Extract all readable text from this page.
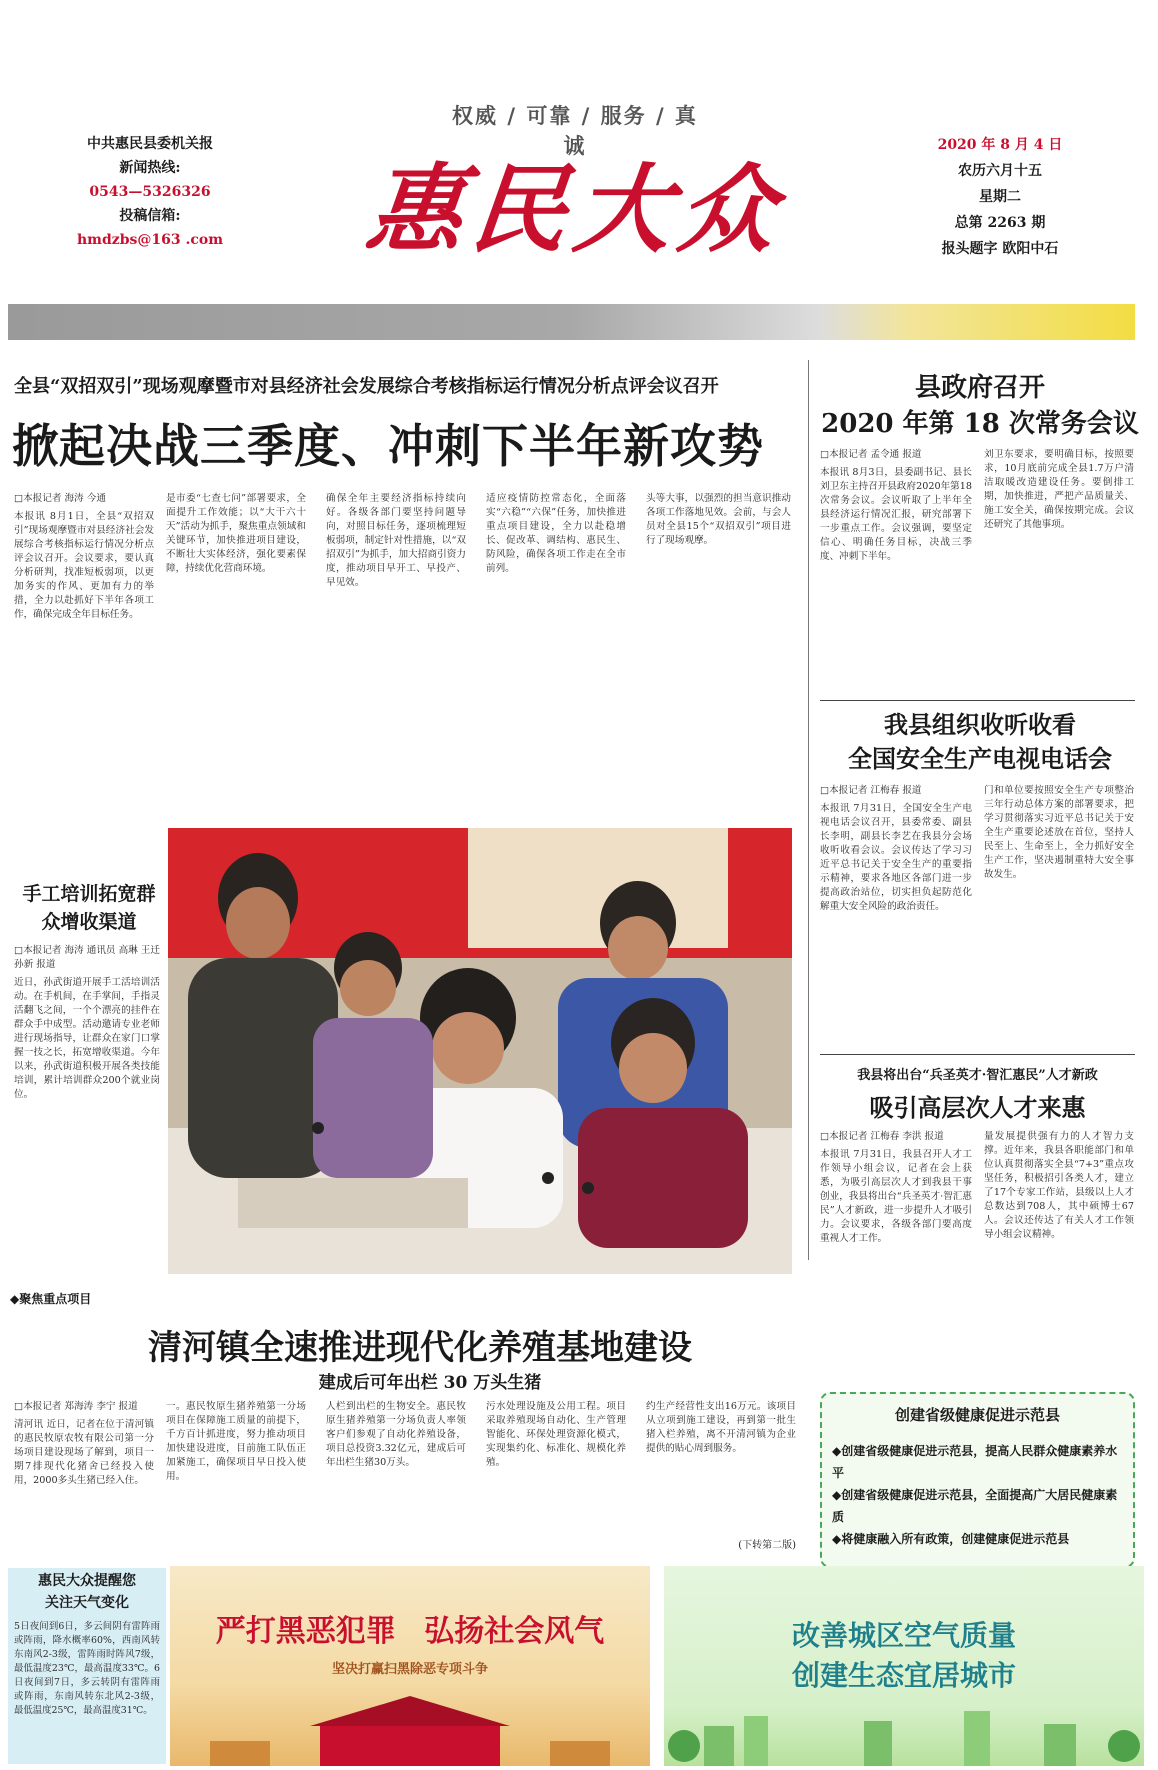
权威 / 可靠 / 服务 / 真诚
中共惠民县委机关报
新闻热线:
0543—5326326
投稿信箱:
hmdzbs@163 .com 惠民大众
2020 年 8 月 4 日
农历六月十五
星期二
总第 2263 期
报头题字 欧阳中石
全县“双招双引”现场观摩暨市对县经济社会发展综合考核指标运行情况分析点评会议召开
掀起决战三季度、冲刺下半年新攻势
□本报记者 海涛 今通
本报讯 8月1日，全县“双招双引”现场观摩暨市对县经济社会发展综合考核指标运行情况分析点评会议召开。会议要求，要认真分析研判，找准短板弱项，以更加务实的作风、更加有力的举措，全力以赴抓好下半年各项工作，确保完成全年目标任务。
是市委“七查七问”部署要求，全面提升工作效能；以“大干六十天”活动为抓手，聚焦重点领域和关键环节，加快推进项目建设，不断壮大实体经济，强化要素保障，持续优化营商环境。
确保全年主要经济指标持续向好。各级各部门要坚持问题导向，对照目标任务，逐项梳理短板弱项，制定针对性措施，以“双招双引”为抓手，加大招商引资力度，推动项目早开工、早投产、早见效。
适应疫情防控常态化，全面落实“六稳”“六保”任务，加快推进重点项目建设，全力以赴稳增长、促改革、调结构、惠民生、防风险，确保各项工作走在全市前列。
头等大事，以强烈的担当意识推动各项工作落地见效。会前，与会人员对全县15个“双招双引”项目进行了现场观摩。
县政府召开
2020 年第 18 次常务会议
□本报记者 孟令通 报道
本报讯 8月3日，县委副书记、县长刘卫东主持召开县政府2020年第18次常务会议。会议听取了上半年全县经济运行情况汇报，研究部署下一步重点工作。会议强调，要坚定信心、明确任务目标，决战三季度、冲刺下半年。
刘卫东要求，要明确目标，按照要求，10月底前完成全县1.7万户清洁取暖改造建设任务。要倒排工期，加快推进，严把产品质量关、施工安全关，确保按期完成。会议还研究了其他事项。
我县组织收听收看
全国安全生产电视电话会
□本报记者 江梅春 报道
本报讯 7月31日，全国安全生产电视电话会议召开，县委常委、副县长李明，副县长李艺在我县分会场收听收看会议。会议传达了学习习近平总书记关于安全生产的重要指示精神，要求各地区各部门进一步提高政治站位，切实担负起防范化解重大安全风险的政治责任。
门和单位要按照安全生产专项整治三年行动总体方案的部署要求，把学习贯彻落实习近平总书记关于安全生产重要论述放在首位，坚持人民至上、生命至上，全力抓好安全生产工作，坚决遏制重特大安全事故发生。
我县将出台“兵圣英才·智汇惠民”人才新政
吸引高层次人才来惠
□本报记者 江梅春 李洪 报道
本报讯 7月31日，我县召开人才工作领导小组会议，记者在会上获悉，为吸引高层次人才到我县干事创业，我县将出台“兵圣英才·智汇惠民”人才新政，进一步提升人才吸引力。会议要求，各级各部门要高度重视人才工作。
量发展提供强有力的人才智力支撑。近年来，我县各职能部门和单位认真贯彻落实全县“7+3”重点攻坚任务，积极招引各类人才，建立了17个专家工作站，县级以上人才总数达到708人，其中硕博士67人。会议还传达了有关人才工作领导小组会议精神。
手工培训拓宽群众增收渠道
□本报记者 海涛 通讯员 高琳 王迁 孙新 报道
近日，孙武街道开展手工活培训活动。在手机间，在手掌间，手指灵活翻飞之间，一个个漂亮的挂件在群众手中成型。活动邀请专业老师进行现场指导，让群众在家门口掌握一技之长，拓宽增收渠道。今年以来，孙武街道积极开展各类技能培训，累计培训群众200个就业岗位。
◆聚焦重点项目
清河镇全速推进现代化养殖基地建设
建成后可年出栏 30 万头生猪
□本报记者 郑海涛 李宁 报道
清河讯 近日，记者在位于清河镇的惠民牧原农牧有限公司第一分场项目建设现场了解到，项目一期7排现代化猪舍已经投入使用，2000多头生猪已经入住。
一。惠民牧原生猪养殖第一分场项目在保障施工质量的前提下，千方百计抓进度，努力推动项目加快建设进度，目前施工队伍正加紧施工，确保项目早日投入使用。
人栏到出栏的生物安全。惠民牧原生猪养殖第一分场负责人率领客户们参观了自动化养殖设备，项目总投资3.32亿元，建成后可年出栏生猪30万头。
污水处理设施及公用工程。项目采取养殖现场自动化、生产管理智能化、环保处理资源化模式，实现集约化、标准化、规模化养殖。
约生产经营性支出16万元。该项目从立项到施工建设，再到第一批生猪入栏养殖，离不开清河镇为企业提供的贴心周到服务。
(下转第二版)
创建省级健康促进示范县
◆创建省级健康促进示范县，提高人民群众健康素养水平
◆创建省级健康促进示范县，全面提高广大居民健康素质
◆将健康融入所有政策，创建健康促进示范县
惠民大众提醒您
关注天气变化
5日夜间到6日，多云间阴有雷阵雨或阵雨，降水概率60%，西南风转东南风2-3级，雷阵雨时阵风7级，最低温度23℃，最高温度33℃。6日夜间到7日，多云转阴有雷阵雨或阵雨，东南风转东北风2-3级，最低温度25℃，最高温度31℃。
严打黑恶犯罪 弘扬社会风气
坚决打赢扫黑除恶专项斗争
改善城区空气质量
创建生态宜居城市
